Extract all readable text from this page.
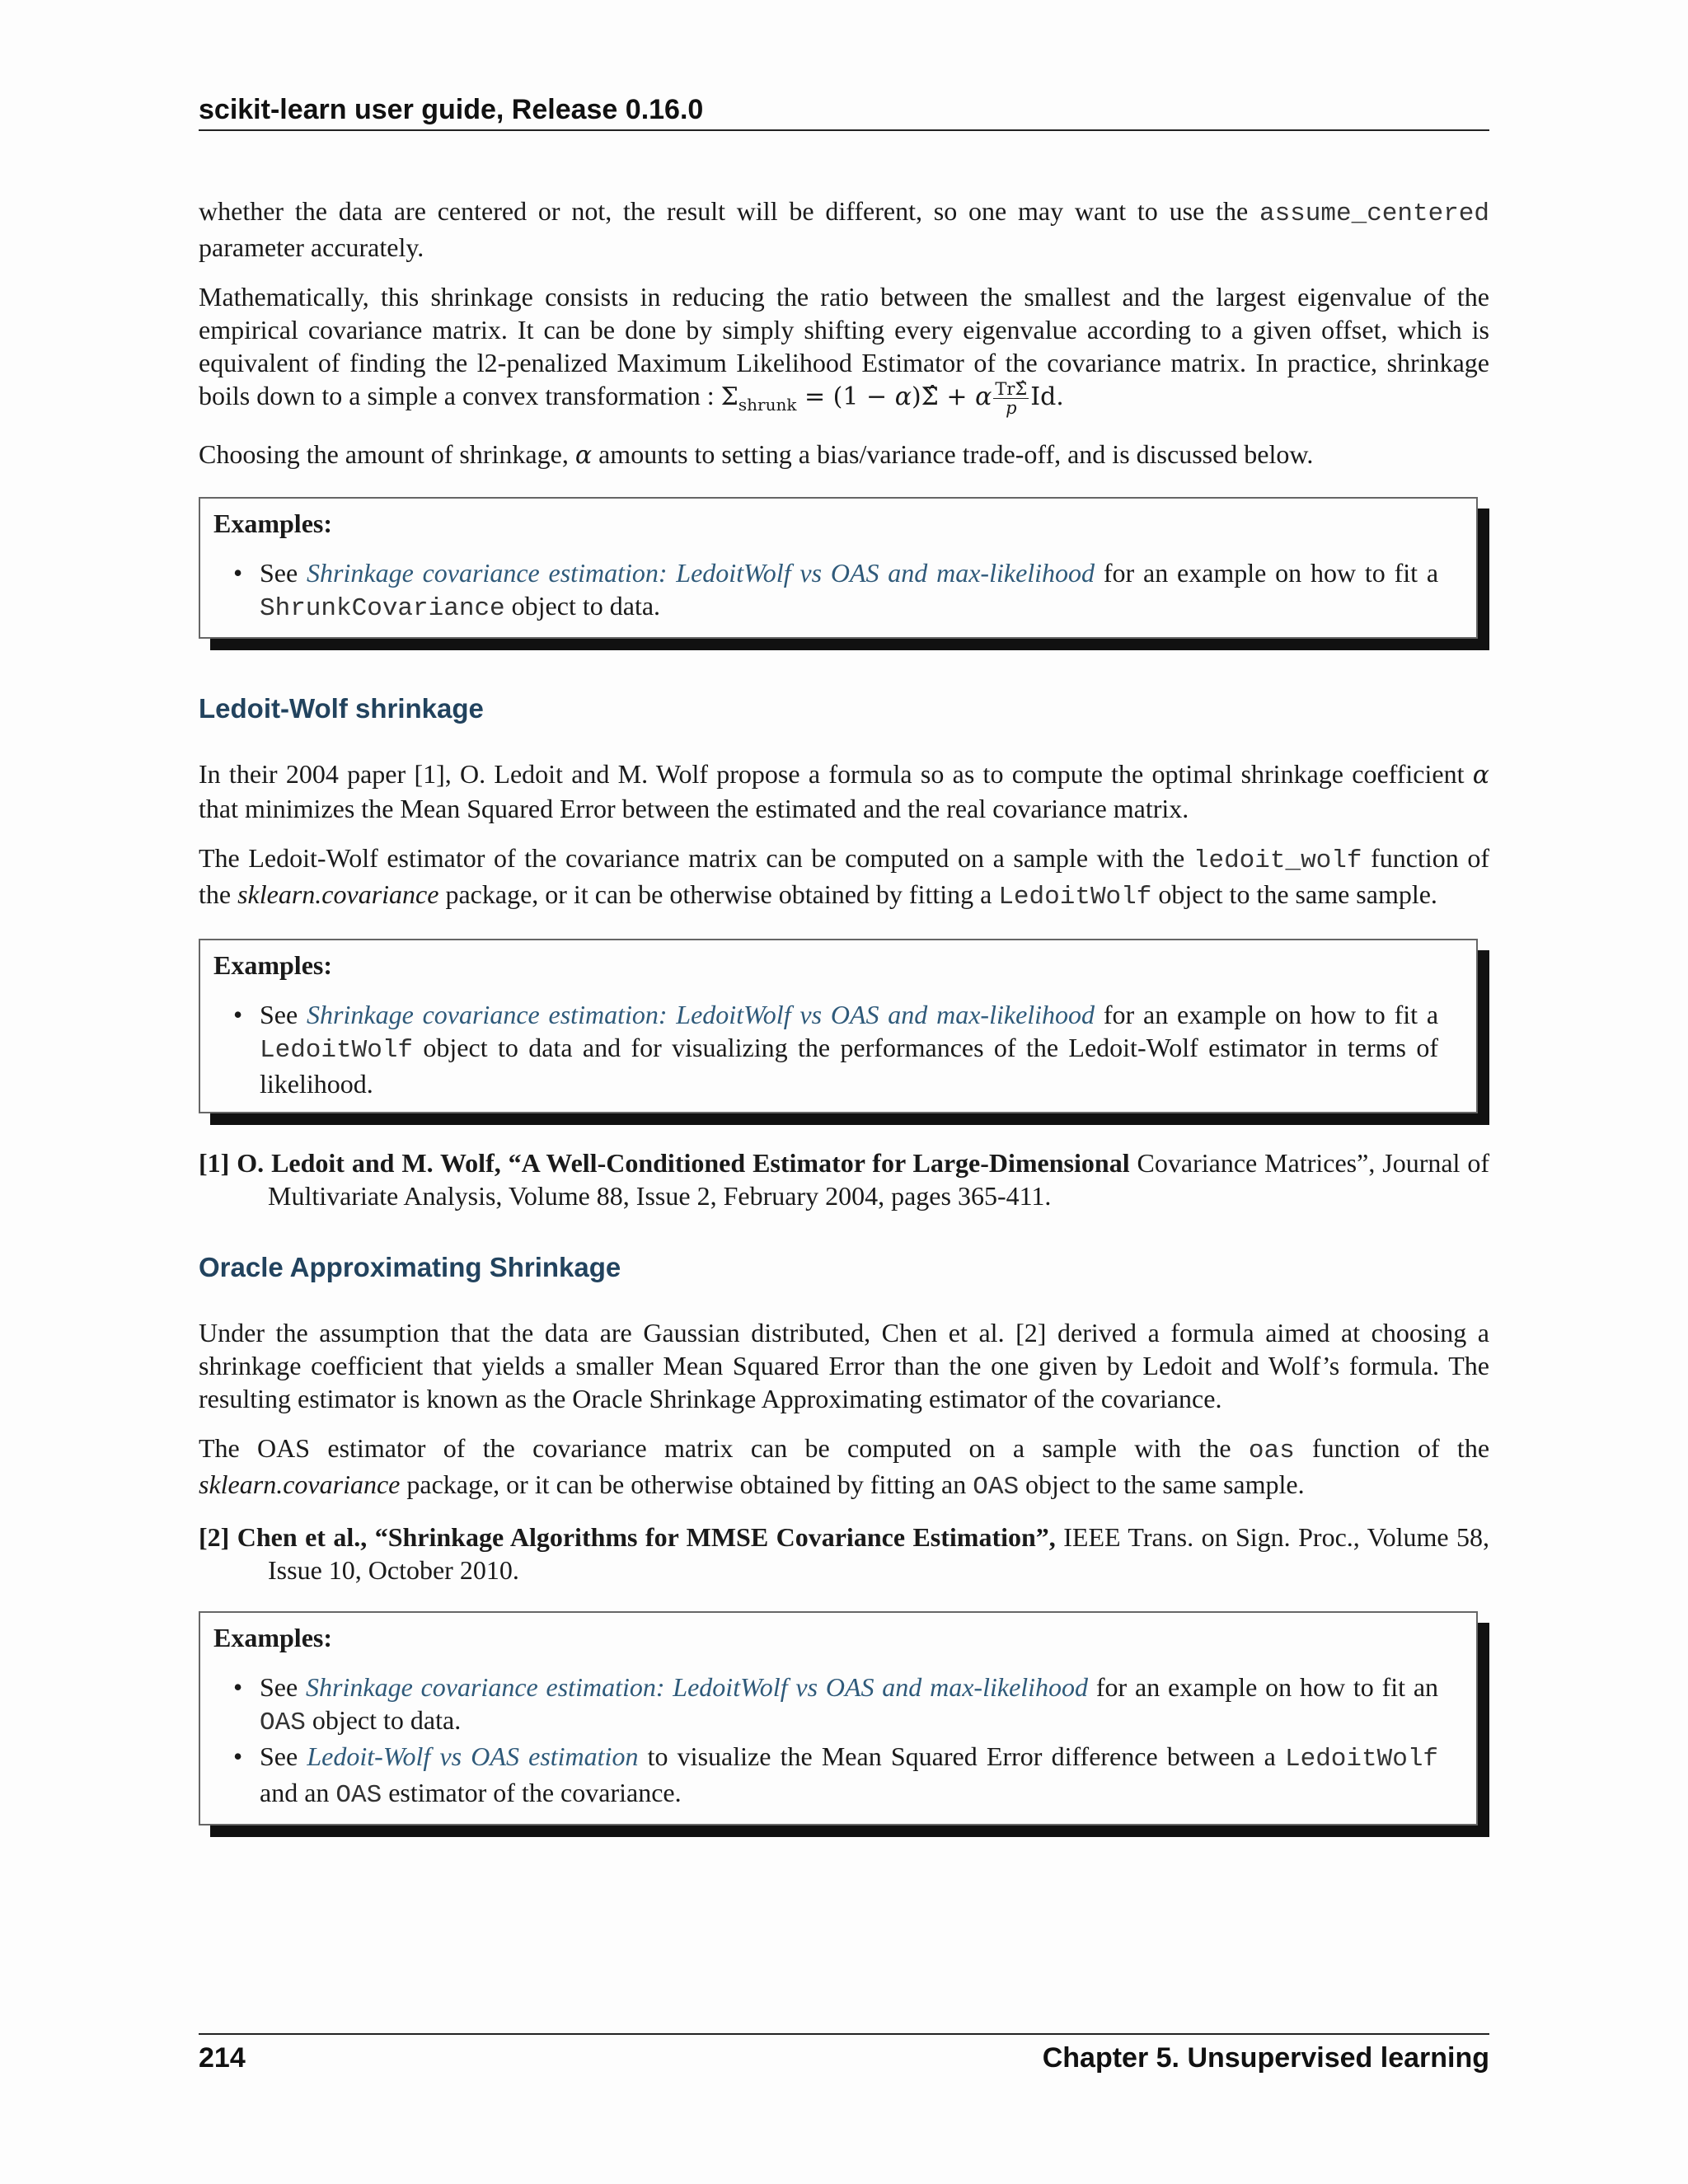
scikit-learn user guide, Release 0.16.0

whether the data are centered or not, the result will be different, so one may want to use the assume_centered parameter accurately.

Mathematically, this shrinkage consists in reducing the ratio between the smallest and the largest eigenvalue of the empirical covariance matrix. It can be done by simply shifting every eigenvalue according to a given offset, which is equivalent of finding the l2-penalized Maximum Likelihood Estimator of the covariance matrix. In practice, shrinkage boils down to a simple a convex transformation : $\Sigma_{shrunk} = (1$ − α)Σ̂ + α $\frac{\text{TrΣ̂}}{p} Id$.

Choosing the amount of shrinkage, α amounts to setting a bias/variance trade-off, and is discussed below.

Examples:
• See Shrinkage covariance estimation: LedoitWolf vs OAS and max-likelihood for an example on how to fit a ShrunkCovariance object to data.
Ledoit-Wolf shrinkage

In their 2004 paper [1], O. Ledoit and M. Wolf propose a formula so as to compute the optimal shrinkage coefficient α that minimizes the Mean Squared Error between the estimated and the real covariance matrix.

The Ledoit-Wolf estimator of the covariance matrix can be computed on a sample with the ledoit_wolf function of the sklearn.covariance package, or it can be otherwise obtained by fitting a LedoitWolf object to the same sample.

Examples:
• See Shrinkage covariance estimation: LedoitWolf vs OAS and max-likelihood for an example on how to fit a LedoitWolf object to data and for visualizing the performances of the Ledoit-Wolf estimator in terms of likelihood.
[1] O. Ledoit and M. Wolf, “A Well-Conditioned Estimator for Large-Dimensional Covariance Matrices”, Journal of Multivariate Analysis, Volume 88, Issue 2, February 2004, pages 365-411.
Oracle Approximating Shrinkage

Under the assumption that the data are Gaussian distributed, Chen et al. [2] derived a formula aimed at choosing a shrinkage coefficient that yields a smaller Mean Squared Error than the one given by Ledoit and Wolf’s formula. The resulting estimator is known as the Oracle Shrinkage Approximating estimator of the covariance.

The OAS estimator of the covariance matrix can be computed on a sample with the oas function of the sklearn.covariance package, or it can be otherwise obtained by fitting an OAS object to the same sample.

[2] Chen et al., “Shrinkage Algorithms for MMSE Covariance Estimation”, IEEE Trans. on Sign. Proc., Volume 58, Issue 10, October 2010.
Examples:
• See Shrinkage covariance estimation: LedoitWolf vs OAS and max-likelihood for an example on how to fit an OAS object to data.
• See Ledoit-Wolf vs OAS estimation to visualize the Mean Squared Error difference between a LedoitWolf and an OAS estimator of the covariance.
214	Chapter 5. Unsupervised learning
